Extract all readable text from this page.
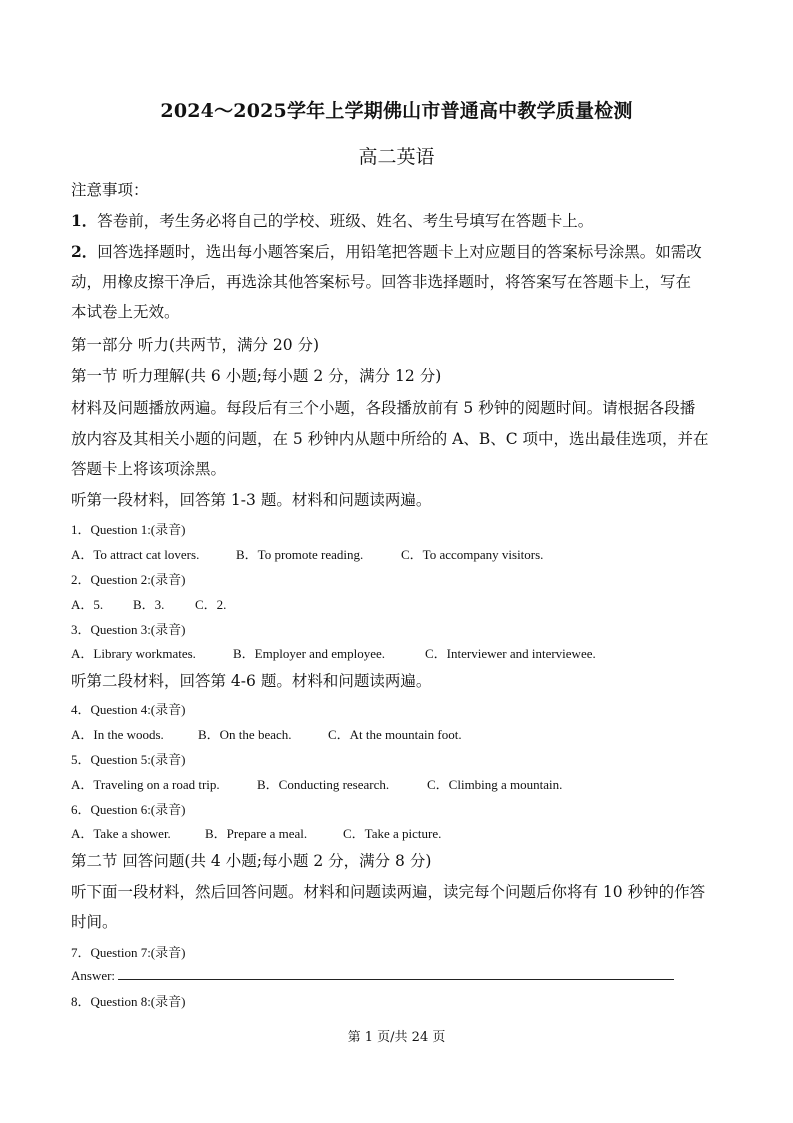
2024～2025学年上学期佛山市普通高中教学质量检测
高二英语
注意事项：
1．答卷前，考生务必将自己的学校、班级、姓名、考生号填写在答题卡上。
2．回答选择题时，选出每小题答案后，用铅笔把答题卡上对应题目的答案标号涂黑。如需改
动，用橡皮擦干净后，再选涂其他答案标号。回答非选择题时，将答案写在答题卡上，写在
本试卷上无效。
第一部分 听力(共两节，满分 20 分)
第一节 听力理解(共 6 小题;每小题 2 分，满分 12 分)
材料及问题播放两遍。每段后有三个小题，各段播放前有 5 秒钟的阅题时间。请根据各段播
放内容及其相关小题的问题，在 5 秒钟内从题中所给的 A、B、C 项中，选出最佳选项，并在
答题卡上将该项涂黑。
听第一段材料，回答第 1-3 题。材料和问题读两遍。
1．Question 1:(录音)
A．To attract cat lovers.	B．To promote reading.	C．To accompany visitors.
2．Question 2:(录音)
A．5. B．3. C．2.
3．Question 3:(录音)
A．Library workmates.	B．Employer and employee.	C．Interviewer and interviewee.
听第二段材料，回答第 4-6 题。材料和问题读两遍。
4．Question 4:(录音)
A．In the woods.	B．On the beach.	C．At the mountain foot.
5．Question 5:(录音)
A．Traveling on a road trip.	B．Conducting research.	C．Climbing a mountain.
6．Question 6:(录音)
A．Take a shower.	B．Prepare a meal.	C．Take a picture.
第二节 回答问题(共 4 小题;每小题 2 分，满分 8 分)
听下面一段材料，然后回答问题。材料和问题读两遍，读完每个问题后你将有 10 秒钟的作答
时间。
7．Question 7:(录音)
Answer:
8．Question 8:(录音)
第 1 页/共 24 页
